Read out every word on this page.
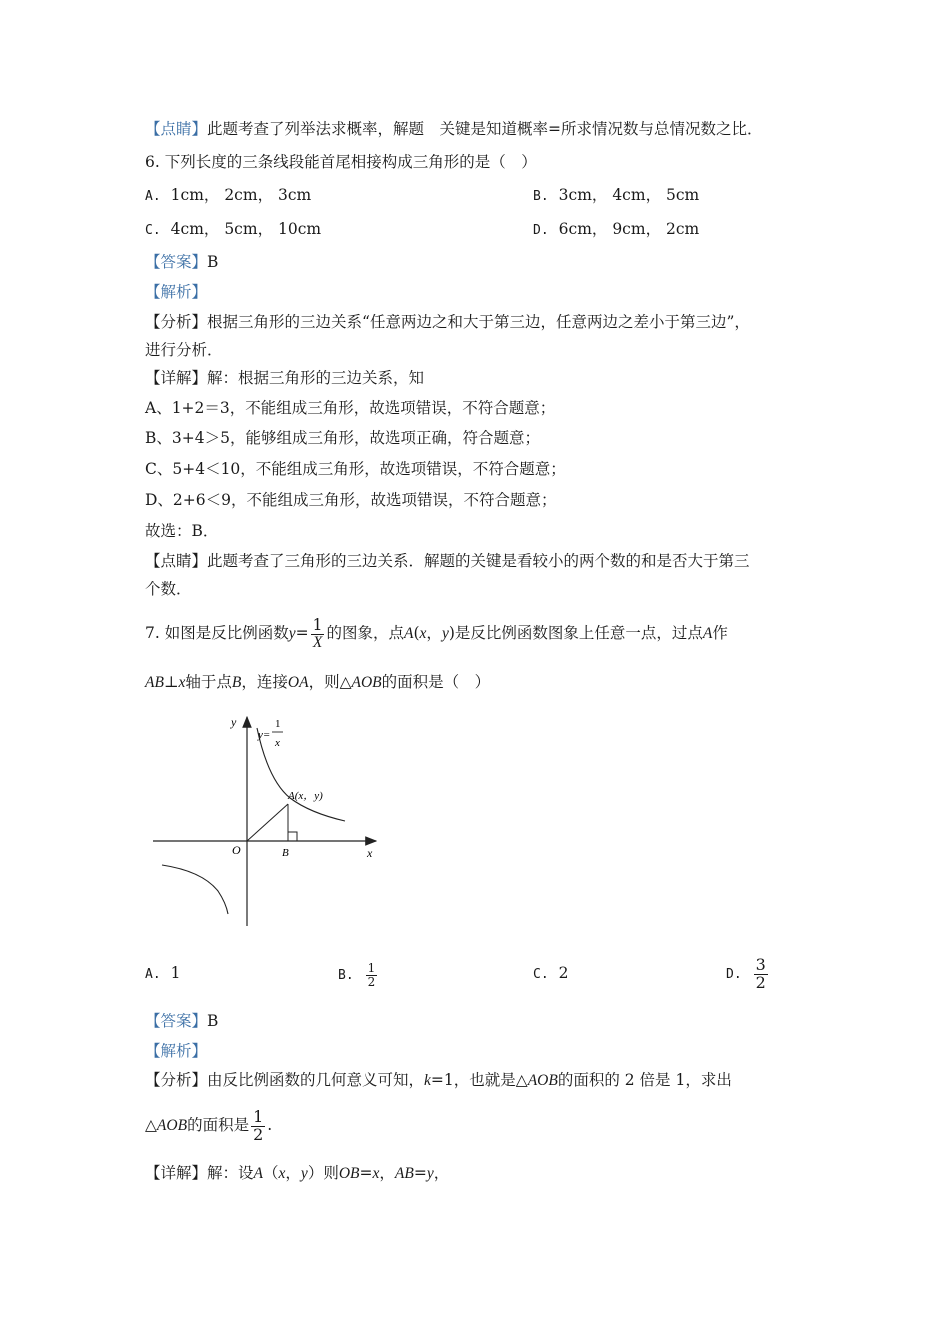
【点睛】此题考查了列举法求概率，解题　关键是知道概率=所求情况数与总情况数之比．
6. 下列长度的三条线段能首尾相接构成三角形的是（　）
A. 1cm， 2cm， 3cm	B. 3cm， 4cm， 5cm
C. 4cm， 5cm， 10cm	D. 6cm， 9cm， 2cm
【答案】B
【解析】
【分析】根据三角形的三边关系“任意两边之和大于第三边，任意两边之差小于第三边”，
进行分析．
【详解】解：根据三角形的三边关系，知
A、1+2＝3，不能组成三角形，故选项错误，不符合题意；
B、3+4＞5，能够组成三角形，故选项正确，符合题意；
C、5+4＜10，不能组成三角形，故选项错误，不符合题意；
D、2+6＜9，不能组成三角形，故选项错误，不符合题意；
故选：B．
【点睛】此题考查了三角形的三边关系．解题的关键是看较小的两个数的和是否大于第三
个数．
7. 如图是反比例函数$y= \frac{1}{X}$ 的图象，点A(x，y)是反比例函数图象上任意一点，过点A作
AB⊥x轴于点B，连接OA，则△AOB的面积是（　）
y
x
O	B
A(x，y)
y=
1
x
A. 1	B. $\frac{1}{2}$	C. 2	D. $\frac{3}{2}$
【答案】B
【解析】
【分析】由反比例函数的几何意义可知，k=1，也就是△AOB的面积的 2 倍是 1，求出
△AOB的面积是 $\frac{1}{2}$ .
【详解】解：设A（x，y）则OB=x，AB=y，
